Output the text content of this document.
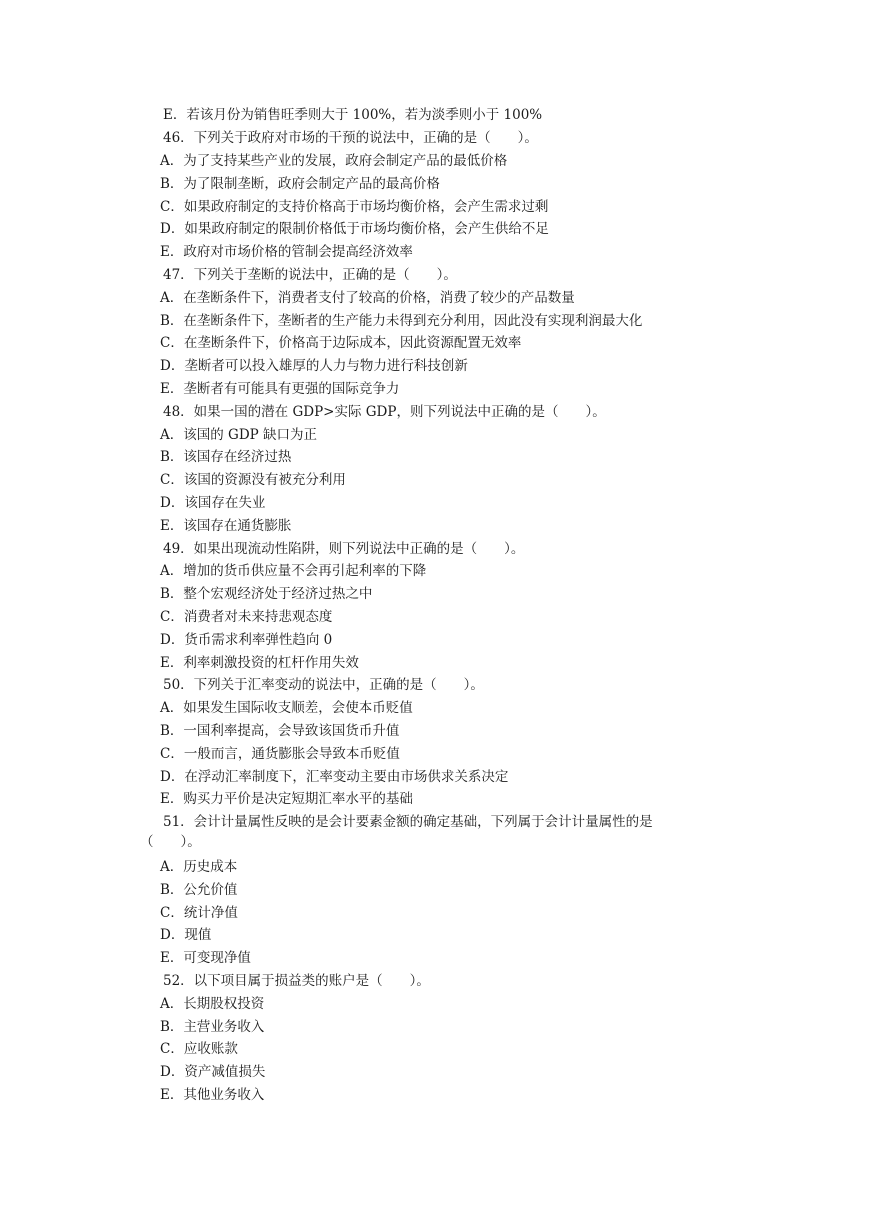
E．若该月份为销售旺季则大于 100%，若为淡季则小于 100%
46．下列关于政府对市场的干预的说法中，正确的是（　　）。
A．为了支持某些产业的发展，政府会制定产品的最低价格
B．为了限制垄断，政府会制定产品的最高价格
C．如果政府制定的支持价格高于市场均衡价格，会产生需求过剩
D．如果政府制定的限制价格低于市场均衡价格，会产生供给不足
E．政府对市场价格的管制会提高经济效率
47．下列关于垄断的说法中，正确的是（　　）。
A．在垄断条件下，消费者支付了较高的价格，消费了较少的产品数量
B．在垄断条件下，垄断者的生产能力未得到充分利用，因此没有实现利润最大化
C．在垄断条件下，价格高于边际成本，因此资源配置无效率
D．垄断者可以投入雄厚的人力与物力进行科技创新
E．垄断者有可能具有更强的国际竞争力
48．如果一国的潜在 GDP>实际 GDP，则下列说法中正确的是（　　）。
A．该国的 GDP 缺口为正
B．该国存在经济过热
C．该国的资源没有被充分利用
D．该国存在失业
E．该国存在通货膨胀
49．如果出现流动性陷阱，则下列说法中正确的是（　　）。
A．增加的货币供应量不会再引起利率的下降
B．整个宏观经济处于经济过热之中
C．消费者对未来持悲观态度
D．货币需求利率弹性趋向 0
E．利率刺激投资的杠杆作用失效
50．下列关于汇率变动的说法中，正确的是（　　）。
A．如果发生国际收支顺差，会使本币贬值
B．一国利率提高，会导致该国货币升值
C．一般而言，通货膨胀会导致本币贬值
D．在浮动汇率制度下，汇率变动主要由市场供求关系决定
E．购买力平价是决定短期汇率水平的基础
51．会计计量属性反映的是会计要素金额的确定基础，下列属于会计计量属性的是
（　　）。
A．历史成本
B．公允价值
C．统计净值
D．现值
E．可变现净值
52．以下项目属于损益类的账户是（　　）。
A．长期股权投资
B．主营业务收入
C．应收账款
D．资产减值损失
E．其他业务收入
